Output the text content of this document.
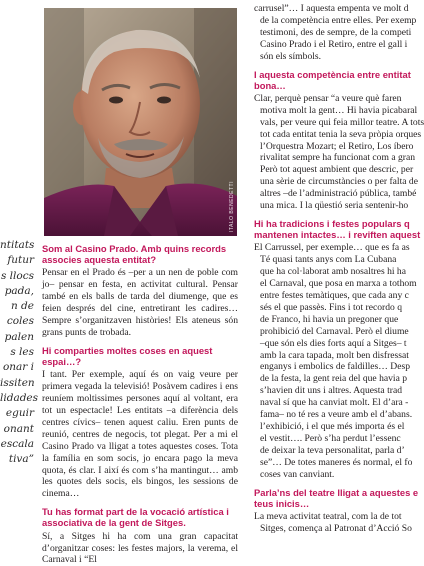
ntitats
futur
s llocs
pada,
n de
coles
palen
s les
onar i
issiten
lidades
eguir
onant
escala
tiva”
ITALO BENEDETTI
Som al Casino Prado. Amb quins records associes aquesta entitat?

Pensar en el Prado és –per a un nen de poble com jo– pensar en festa, en activitat cultural. Pensar també en els balls de tarda del diumenge, que es feien després del cine, entretirant les cadires… Sempre s’organitzaven històries! Els ateneus són grans punts de trobada.

Hi comparties moltes coses en aquest espai…?

I tant. Per exemple, aquí és on vaig veure per primera vegada la televisió! Posàvem cadires i ens reuníem moltissimes persones aquí al voltant, era tot un espectacle! Les entitats –a diferència dels centres cívics– tenen aquest caliu. Eren punts de reunió, centres de negocis, tot plegat. Per a mi el Casino Prado va lligat a totes aquestes coses. Tota la família en som socis, jo encara pago la meva quota, és clar. I així és com s’ha mantingut… amb les quotes dels socis, els bingos, les sessions de cinema…

Tu has format part de la vocació artística i associativa de la gent de Sitges.

Sí, a Sitges hi ha com una gran capacitat d’organitzar coses: les festes majors, la verema, el Carnaval i “El

carrusel”… I aquesta empenta ve molt d

de la competència entre elles. Per exemp

testimoni, des de sempre, de la competi

Casino Prado i el Retiro, entre el gall i

són els símbols.

I aquesta competència entre entitat
bona…

Clar, perquè pensar “a veure què faren

motiva molt la gent… Hi havia picabaral

vals, per veure qui feia millor teatre. A tots

tot cada entitat tenia la seva pròpia orques

l’Orquestra Mozart; el Retiro, Los íbero

rivalitat sempre ha funcionat com a gran

Però tot aquest ambient que descric, per

una sèrie de circumstàncies o per falta de

altres –de l’administració pública, també

una mica. I la qüestió seria sentenir-ho

Hi ha tradicions i festes populars q
mantenen intactes… i reviften aquest

El Carrussel, per exemple… que es fa as

Té quasi tants anys com La Cubana

que ha col·laborat amb nosaltres hi ha

el Carnaval, que posa en marxa a tothom

entre festes temàtiques, que cada any c

sés el que passès. Fins i tot recordo q

de Franco, hi havia un pregoner que

prohibició del Carnaval. Però el diume

–que són els dies forts aquí a Sitges– t

amb la cara tapada, molt ben disfressat

enganys i embolics de faldilles… Desp

de la festa, la gent reia del que havia p

s’havien dit uns i altres. Aquesta trad

naval sí que ha canviat molt. El d’ara -

fama– no té res a veure amb el d’abans.

l’exhibició, i el que més importa és el

el vestit…. Però s’ha perdut l’essenc

de deixar la teva personalitat, parla d’

se”… De totes maneres és normal, el fo

coses van canviant.

Parla’ns del teatre lligat a aquestes e
teus inicis…

La meva activitat teatral, com la de tot

Sitges, comença al Patronat d’Acció So
